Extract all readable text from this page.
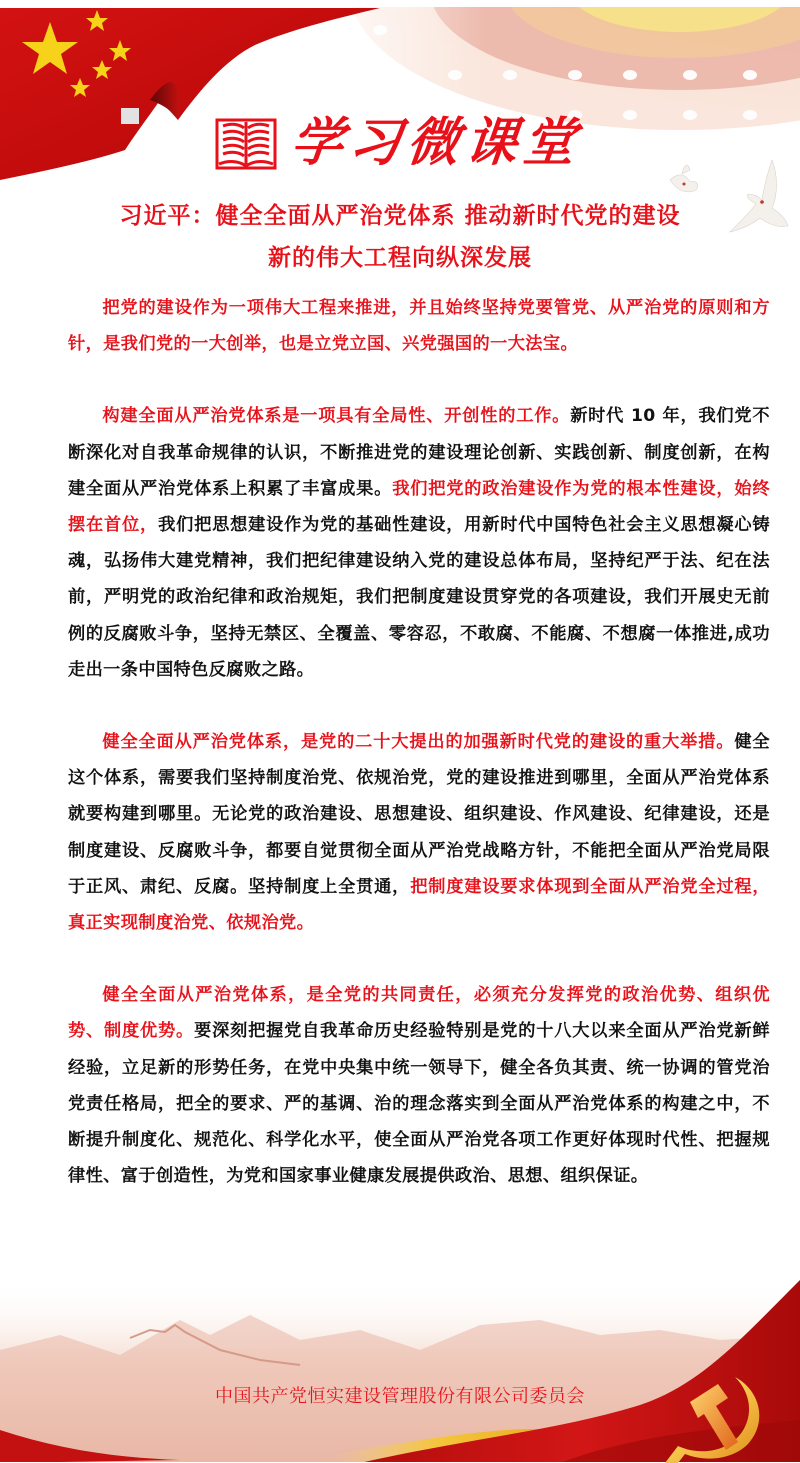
学习微课堂
习近平：健全全面从严治党体系 推动新时代党的建设
新的伟大工程向纵深发展

把党的建设作为一项伟大工程来推进，并且始终坚持党要管党、从严治党的原则和方针，是我们党的一大创举，也是立党立国、兴党强国的一大法宝。

构建全面从严治党体系是一项具有全局性、开创性的工作。新时代 10 年，我们党不断深化对自我革命规律的认识，不断推进党的建设理论创新、实践创新、制度创新，在构建全面从严治党体系上积累了丰富成果。我们把党的政治建设作为党的根本性建设，始终摆在首位，我们把思想建设作为党的基础性建设，用新时代中国特色社会主义思想凝心铸魂，弘扬伟大建党精神，我们把纪律建设纳入党的建设总体布局，坚持纪严于法、纪在法前，严明党的政治纪律和政治规矩，我们把制度建设贯穿党的各项建设，我们开展史无前例的反腐败斗争，坚持无禁区、全覆盖、零容忍，不敢腐、不能腐、不想腐一体推进,成功走出一条中国特色反腐败之路。

健全全面从严治党体系，是党的二十大提出的加强新时代党的建设的重大举措。健全这个体系，需要我们坚持制度治党、依规治党，党的建设推进到哪里，全面从严治党体系就要构建到哪里。无论党的政治建设、思想建设、组织建设、作风建设、纪律建设，还是制度建设、反腐败斗争，都要自觉贯彻全面从严治党战略方针，不能把全面从严治党局限于正风、肃纪、反腐。坚持制度上全贯通，把制度建设要求体现到全面从严治党全过程，真正实现制度治党、依规治党。

健全全面从严治党体系，是全党的共同责任，必须充分发挥党的政治优势、组织优势、制度优势。要深刻把握党自我革命历史经验特别是党的十八大以来全面从严治党新鲜经验，立足新的形势任务，在党中央集中统一领导下，健全各负其责、统一协调的管党治党责任格局，把全的要求、严的基调、治的理念落实到全面从严治党体系的构建之中，不断提升制度化、规范化、科学化水平，使全面从严治党各项工作更好体现时代性、把握规律性、富于创造性，为党和国家事业健康发展提供政治、思想、组织保证。

中国共产党恒实建设管理股份有限公司委员会
